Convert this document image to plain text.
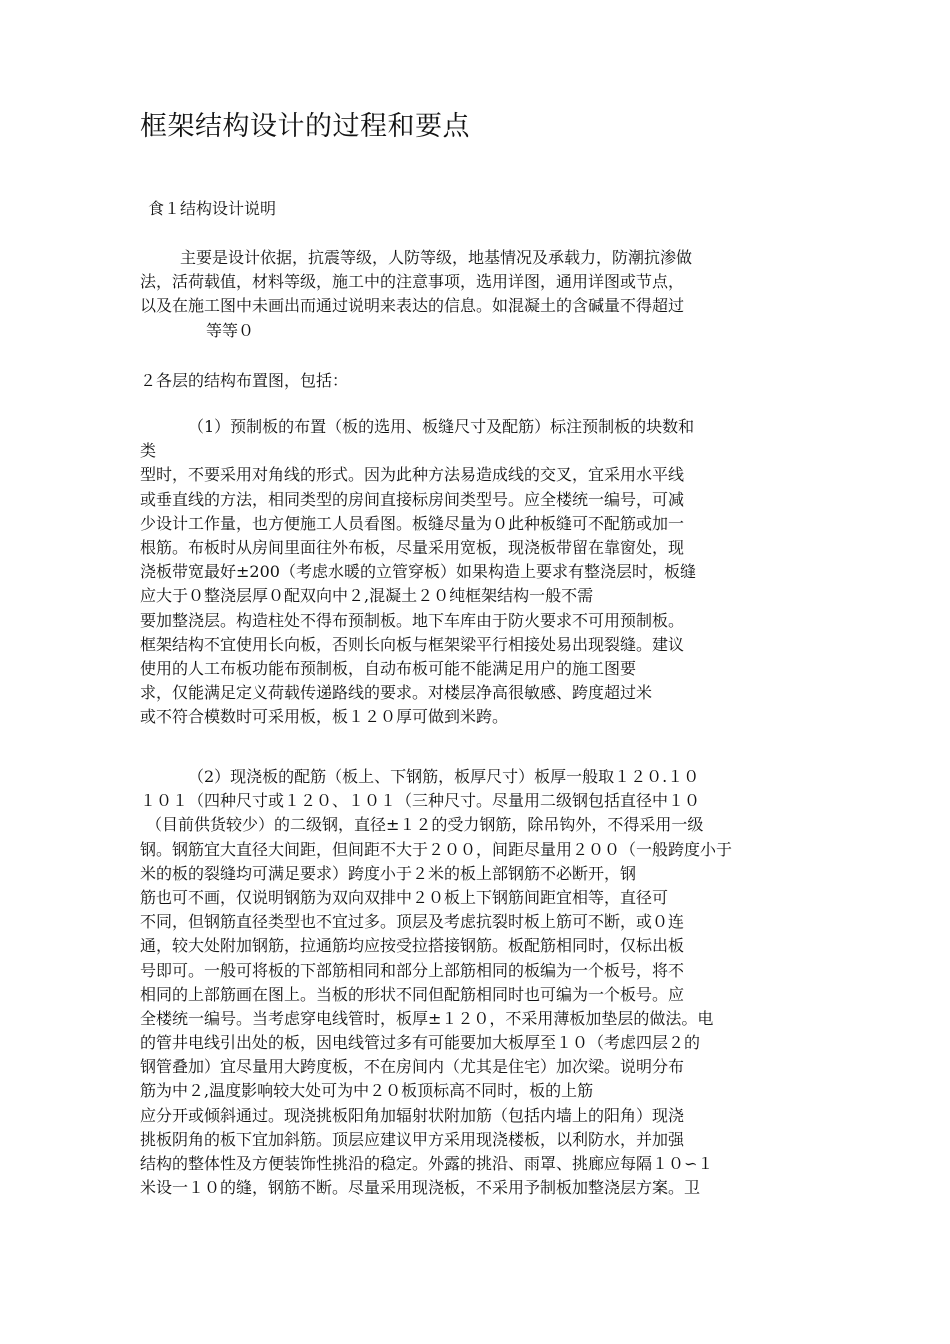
框架结构设计的过程和要点
食１结构设计说明
主要是设计依据，抗震等级，人防等级，地基情况及承载力，防潮抗渗做
法，活荷载值，材料等级，施工中的注意事项，选用详图，通用详图或节点，
以及在施工图中未画出而通过说明来表达的信息。如混凝土的含碱量不得超过
等等０
２各层的结构布置图，包括：
（1）预制板的布置（板的选用、板缝尺寸及配筋）标注预制板的块数和
类
型时，不要采用对角线的形式。因为此种方法易造成线的交叉，宜采用水平线
或垂直线的方法，相同类型的房间直接标房间类型号。应全楼统一编号，可减
少设计工作量，也方便施工人员看图。板缝尽量为０此种板缝可不配筋或加一
根筋。布板时从房间里面往外布板，尽量采用宽板，现浇板带留在靠窗处，现
浇板带宽最好±200（考虑水暖的立管穿板）如果构造上要求有整浇层时，板缝
应大于０整浇层厚０配双向中２,混凝土２０纯框架结构一般不需
要加整浇层。构造柱处不得布预制板。地下车库由于防火要求不可用预制板。
框架结构不宜使用长向板，否则长向板与框架梁平行相接处易出现裂缝。建议
使用的人工布板功能布预制板，自动布板可能不能满足用户的施工图要
求，仅能满足定义荷载传递路线的要求。对楼层净高很敏感、跨度超过米
或不符合模数时可采用板，板１２０厚可做到米跨。
（2）现浇板的配筋（板上、下钢筋，板厚尺寸）板厚一般取１２０.１０
１０１（四种尺寸或１２０、１０１（三种尺寸。尽量用二级钢包括直径中１０
（目前供货较少）的二级钢，直径±１２的受力钢筋，除吊钩外，不得采用一级
钢。钢筋宜大直径大间距，但间距不大于２００，间距尽量用２００（一般跨度小于
米的板的裂缝均可满足要求）跨度小于２米的板上部钢筋不必断开，钢
筋也可不画，仅说明钢筋为双向双排中２０板上下钢筋间距宜相等，直径可
不同，但钢筋直径类型也不宜过多。顶层及考虑抗裂时板上筋可不断，或０连
通，较大处附加钢筋，拉通筋均应按受拉搭接钢筋。板配筋相同时，仅标出板
号即可。一般可将板的下部筋相同和部分上部筋相同的板编为一个板号，将不
相同的上部筋画在图上。当板的形状不同但配筋相同时也可编为一个板号。应
全楼统一编号。当考虑穿电线管时，板厚±１２０，不采用薄板加垫层的做法。电
的管井电线引出处的板，因电线管过多有可能要加大板厚至１０（考虑四层２的
钢管叠加）宜尽量用大跨度板，不在房间内（尤其是住宅）加次梁。说明分布
筋为中２,温度影响较大处可为中２０板顶标高不同时，板的上筋
应分开或倾斜通过。现浇挑板阳角加辐射状附加筋（包括内墙上的阳角）现浇
挑板阴角的板下宜加斜筋。顶层应建议甲方采用现浇楼板，以利防水，并加强
结构的整体性及方便装饰性挑沿的稳定。外露的挑沿、雨罩、挑廊应每隔１０∽１
米设一１０的缝，钢筋不断。尽量采用现浇板，不采用予制板加整浇层方案。卫
